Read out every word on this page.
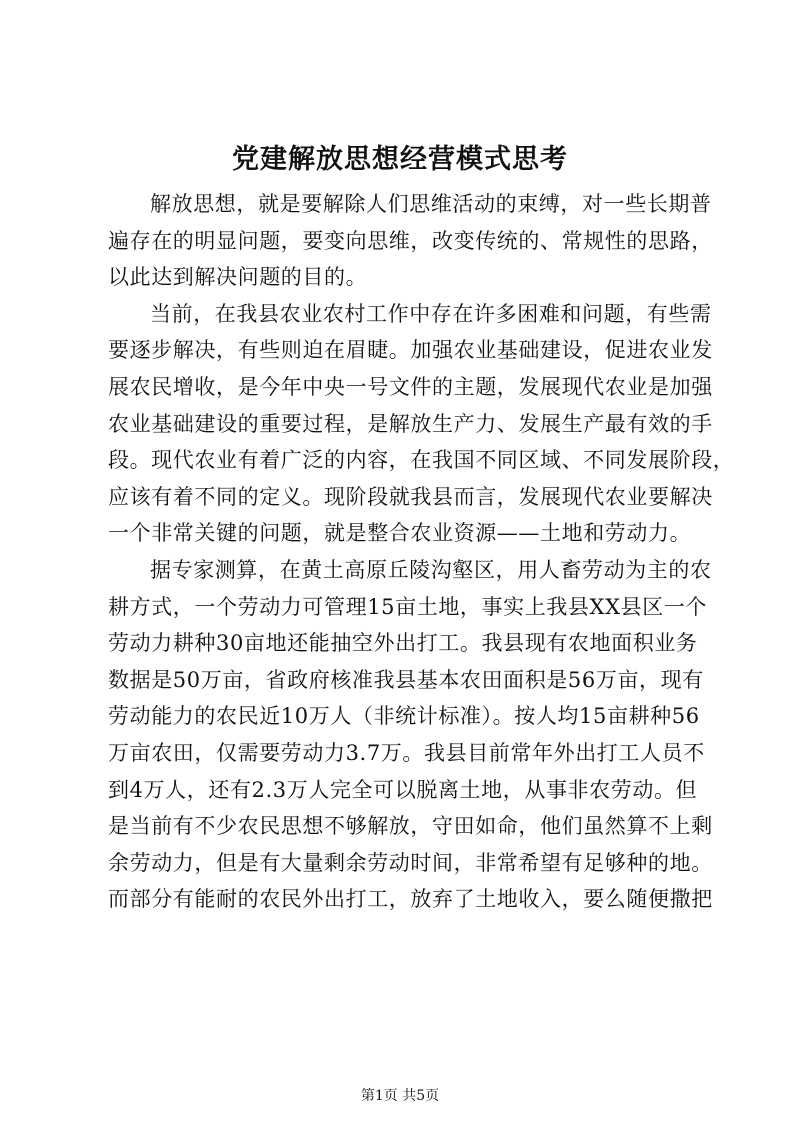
党建解放思想经营模式思考
解放思想，就是要解除人们思维活动的束缚，对一些长期普
遍存在的明显问题，要变向思维，改变传统的、常规性的思路，
以此达到解决问题的目的。
当前，在我县农业农村工作中存在许多困难和问题，有些需
要逐步解决，有些则迫在眉睫。加强农业基础建设，促进农业发
展农民增收，是今年中央一号文件的主题，发展现代农业是加强
农业基础建设的重要过程，是解放生产力、发展生产最有效的手
段。现代农业有着广泛的内容，在我国不同区域、不同发展阶段，
应该有着不同的定义。现阶段就我县而言，发展现代农业要解决
一个非常关键的问题，就是整合农业资源——土地和劳动力。
据专家测算，在黄土高原丘陵沟壑区，用人畜劳动为主的农
耕方式，一个劳动力可管理15亩土地，事实上我县XX县区一个
劳动力耕种30亩地还能抽空外出打工。我县现有农地面积业务
数据是50万亩，省政府核准我县基本农田面积是56万亩，现有
劳动能力的农民近10万人（非统计标准）。按人均15亩耕种56
万亩农田，仅需要劳动力3.7万。我县目前常年外出打工人员不
到4万人，还有2.3万人完全可以脱离土地，从事非农劳动。但
是当前有不少农民思想不够解放，守田如命，他们虽然算不上剩
余劳动力，但是有大量剩余劳动时间，非常希望有足够种的地。
而部分有能耐的农民外出打工，放弃了土地收入，要么随便撒把
第1页 共5页
